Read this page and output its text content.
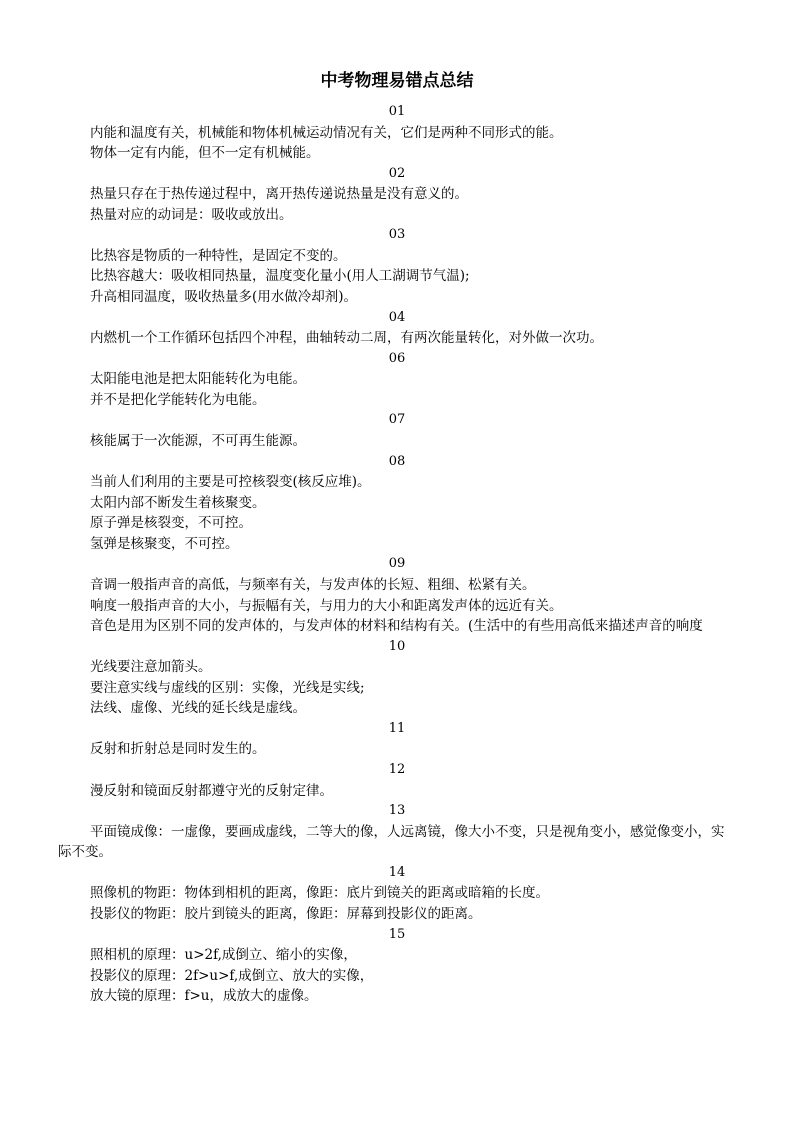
中考物理易错点总结
01

内能和温度有关，机械能和物体机械运动情况有关，它们是两种不同形式的能。

物体一定有内能，但不一定有机械能。

02

热量只存在于热传递过程中，离开热传递说热量是没有意义的。

热量对应的动词是：吸收或放出。

03

比热容是物质的一种特性，是固定不变的。

比热容越大：吸收相同热量，温度变化量小(用人工湖调节气温);

升高相同温度，吸收热量多(用水做冷却剂)。

04

内燃机一个工作循环包括四个冲程，曲轴转动二周，有两次能量转化，对外做一次功。

06

太阳能电池是把太阳能转化为电能。

并不是把化学能转化为电能。

07

核能属于一次能源，不可再生能源。

08

当前人们利用的主要是可控核裂变(核反应堆)。

太阳内部不断发生着核聚变。

原子弹是核裂变，不可控。

氢弹是核聚变，不可控。

09

音调一般指声音的高低，与频率有关，与发声体的长短、粗细、松紧有关。

响度一般指声音的大小，与振幅有关，与用力的大小和距离发声体的远近有关。

音色是用为区别不同的发声体的，与发声体的材料和结构有关。(生活中的有些用高低来描述声音的响度

10

光线要注意加箭头。

要注意实线与虚线的区别：实像，光线是实线;

法线、虚像、光线的延长线是虚线。

11

反射和折射总是同时发生的。

12

漫反射和镜面反射都遵守光的反射定律。

13

平面镜成像：一虚像，要画成虚线，二等大的像，人远离镜，像大小不变，只是视角变小，感觉像变小，实际不变。

14

照像机的物距：物体到相机的距离，像距：底片到镜关的距离或暗箱的长度。

投影仪的物距：胶片到镜头的距离，像距：屏幕到投影仪的距离。

15

照相机的原理：u>2f,成倒立、缩小的实像，

投影仪的原理：2f>u>f,成倒立、放大的实像，

放大镜的原理：f>u，成放大的虚像。
